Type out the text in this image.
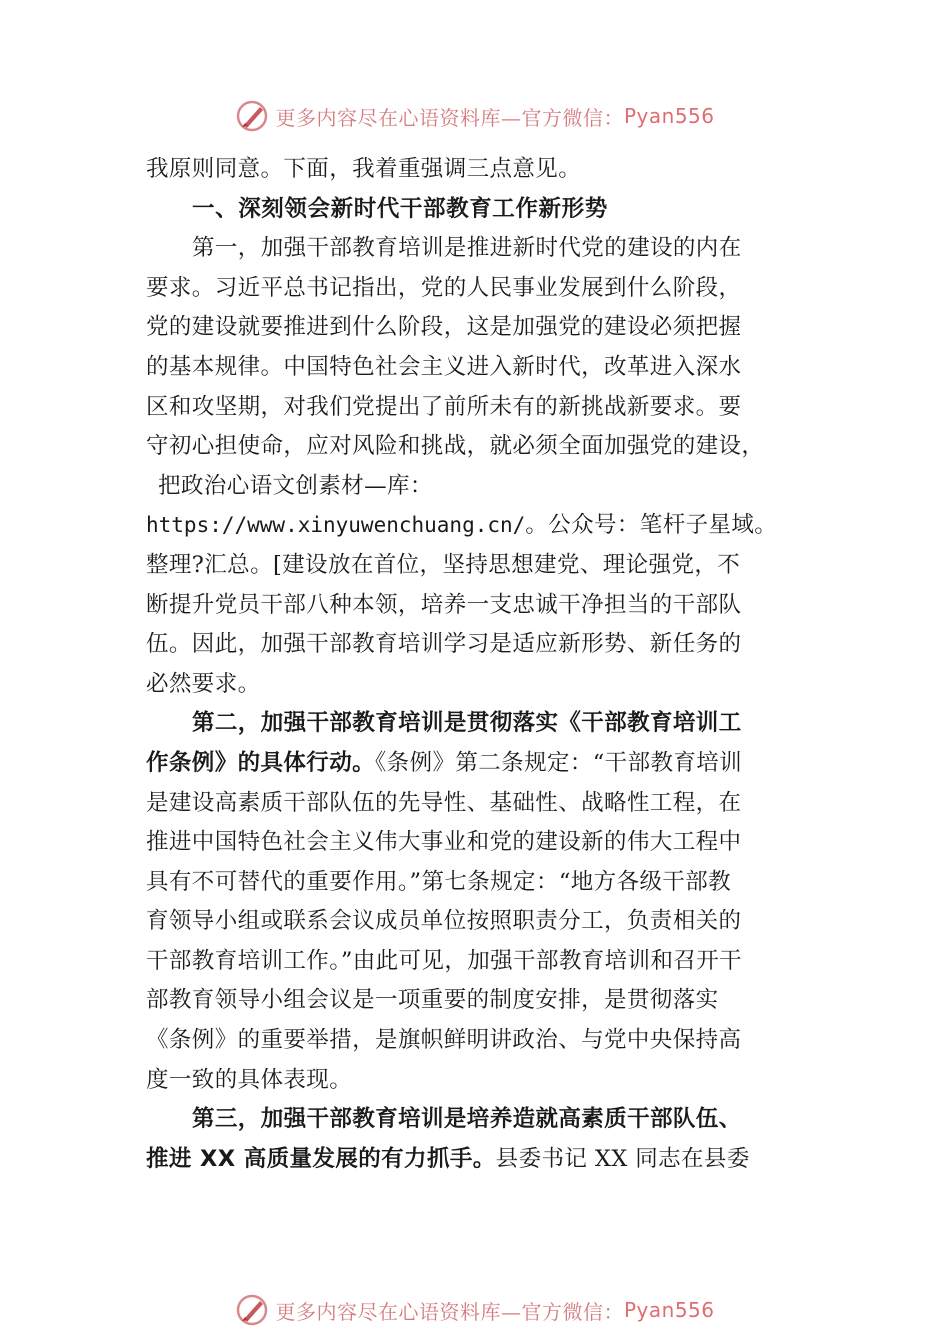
更多内容尽在心语资料库—官方微信： Pyan556
我原则同意。下面，我着重强调三点意见。
一、深刻领会新时代干部教育工作新形势
第一，加强干部教育培训是推进新时代党的建设的内在
要求。习近平总书记指出，党的人民事业发展到什么阶段，
党的建设就要推进到什么阶段，这是加强党的建设必须把握
的基本规律。中国特色社会主义进入新时代，改革进入深水
区和攻坚期，对我们党提出了前所未有的新挑战新要求。要
守初心担使命，应对风险和挑战，就必须全面加强党的建设，
把政治心语文创素材—库：
https://www.xinyuwenchuang.cn/。公众号：笔杆子星域。
整理?汇总。[建设放在首位，坚持思想建党、理论强党，不
断提升党员干部八种本领，培养一支忠诚干净担当的干部队
伍。因此，加强干部教育培训学习是适应新形势、新任务的
必然要求。
第二，加强干部教育培训是贯彻落实《干部教育培训工
作条例》的具体行动。《条例》第二条规定：“干部教育培训
是建设高素质干部队伍的先导性、基础性、战略性工程，在
推进中国特色社会主义伟大事业和党的建设新的伟大工程中
具有不可替代的重要作用。”第七条规定：“地方各级干部教
育领导小组或联系会议成员单位按照职责分工，负责相关的
干部教育培训工作。”由此可见，加强干部教育培训和召开干
部教育领导小组会议是一项重要的制度安排，是贯彻落实
《条例》的重要举措，是旗帜鲜明讲政治、与党中央保持高
度一致的具体表现。
第三，加强干部教育培训是培养造就高素质干部队伍、
推进 XX 高质量发展的有力抓手。县委书记 XX 同志在县委
更多内容尽在心语资料库—官方微信： Pyan556
